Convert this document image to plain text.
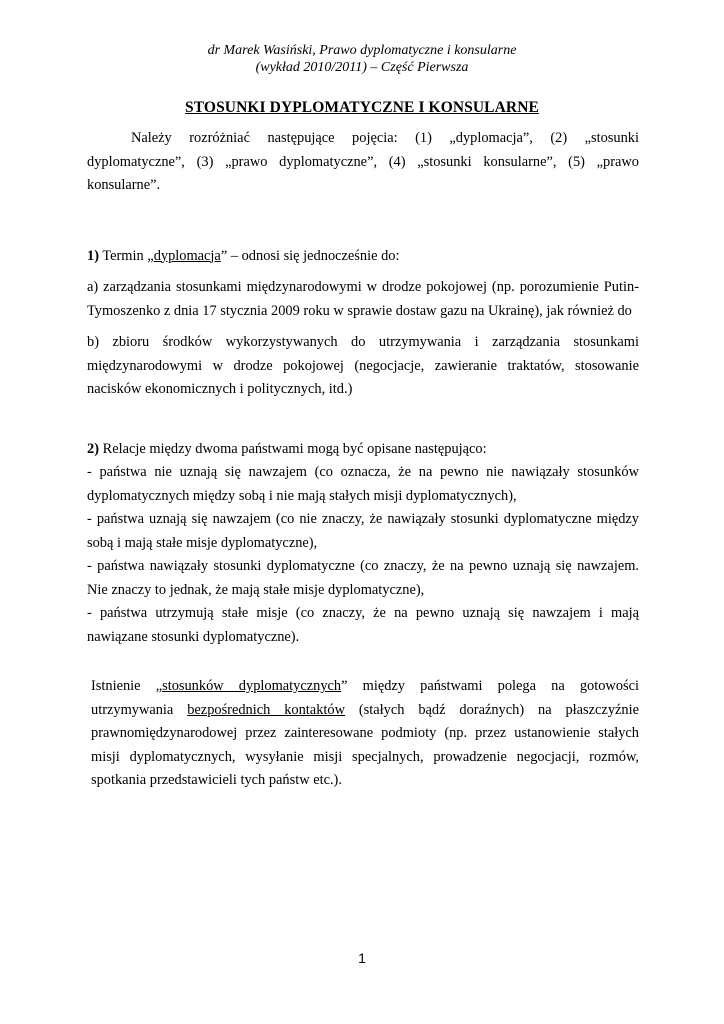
dr Marek Wasiński, Prawo dyplomatyczne i konsularne
(wykład 2010/2011) – Część Pierwsza
STOSUNKI DYPLOMATYCZNE I KONSULARNE

Należy rozróżniać następujące pojęcia: (1) „dyplomacja”, (2) „stosunki dyplomatyczne”, (3) „prawo dyplomatyczne”, (4) „stosunki konsularne”, (5) „prawo konsularne”.

1) Termin „dyplomacja” – odnosi się jednocześnie do:

a) zarządzania stosunkami międzynarodowymi w drodze pokojowej (np. porozumienie Putin-Tymoszenko z dnia 17 stycznia 2009 roku w sprawie dostaw gazu na Ukrainę), jak również do

b) zbioru środków wykorzystywanych do utrzymywania i zarządzania stosunkami międzynarodowymi w drodze pokojowej (negocjacje, zawieranie traktatów, stosowanie nacisków ekonomicznych i politycznych, itd.)

2) Relacje między dwoma państwami mogą być opisane następująco:

- państwa nie uznają się nawzajem (co oznacza, że na pewno nie nawiązały stosunków dyplomatycznych między sobą i nie mają stałych misji dyplomatycznych),

- państwa uznają się nawzajem (co nie znaczy, że nawiązały stosunki dyplomatyczne między sobą i mają stałe misje dyplomatyczne),

- państwa nawiązały stosunki dyplomatyczne (co znaczy, że na pewno uznają się nawzajem. Nie znaczy to jednak, że mają stałe misje dyplomatyczne),

- państwa utrzymują stałe misje (co znaczy, że na pewno uznają się nawzajem i mają nawiązane stosunki dyplomatyczne).

Istnienie „stosunków dyplomatycznych” między państwami polega na gotowości utrzymywania bezpośrednich kontaktów (stałych bądź doraźnych) na płaszczyźnie prawnomiędzynarodowej przez zainteresowane podmioty (np. przez ustanowienie stałych misji dyplomatycznych, wysyłanie misji specjalnych, prowadzenie negocjacji, rozmów, spotkania przedstawicieli tych państw etc.).

1
